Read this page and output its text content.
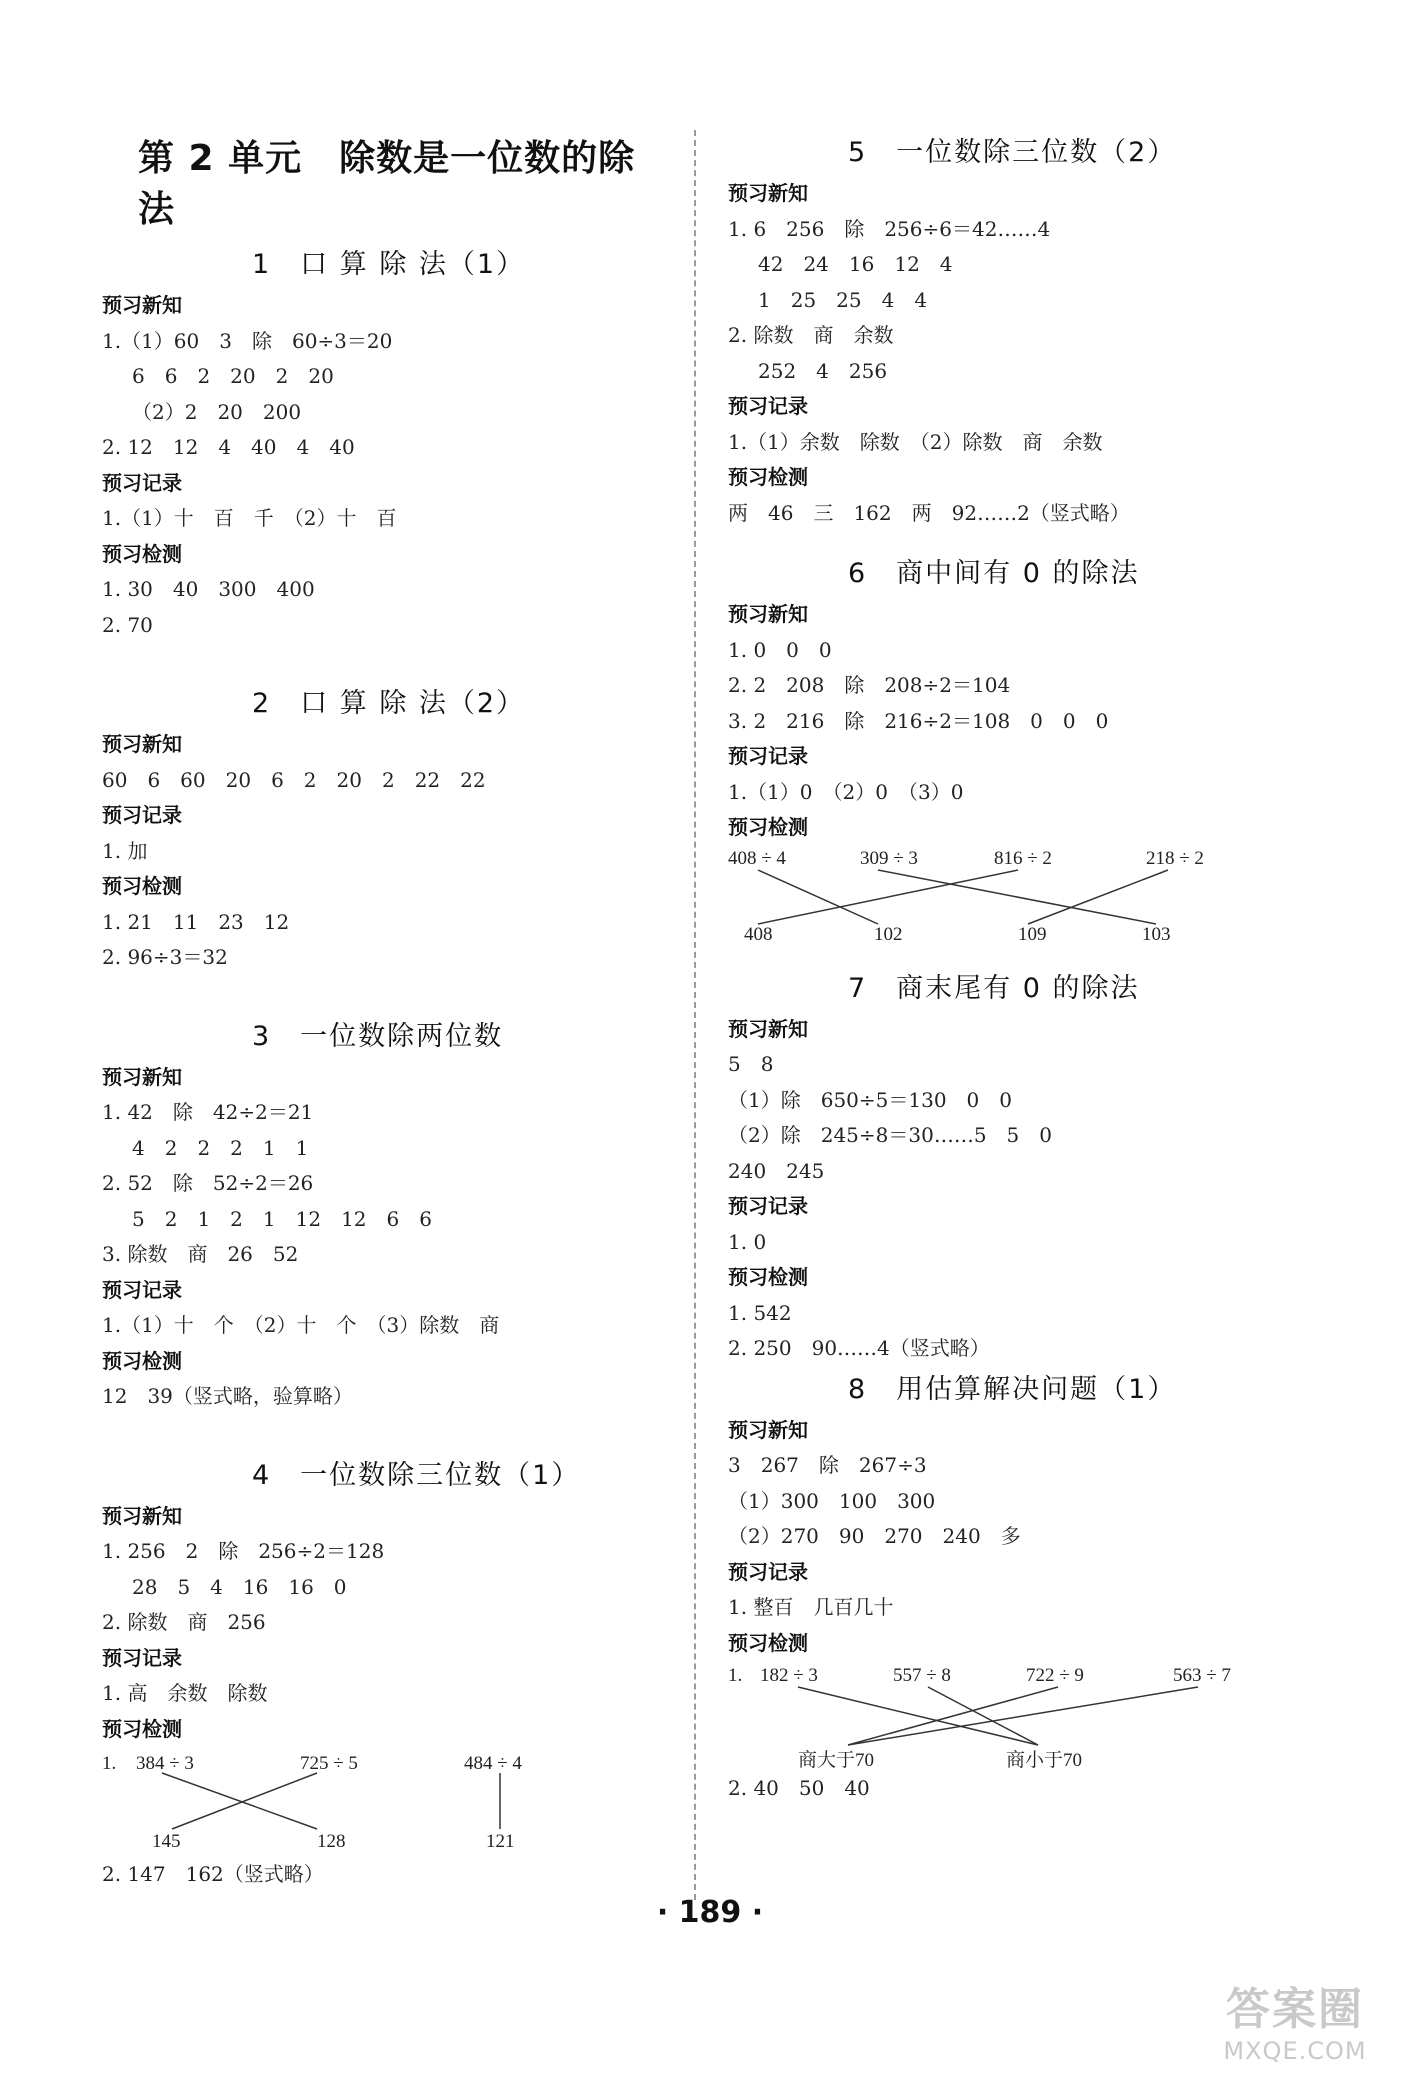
第 2 单元　除数是一位数的除法
1　口 算 除 法（1）
预习新知
1.（1）60　3　除　60÷3＝20
6　6　2　20　2　20
（2）2　20　200
2. 12　12　4　40　4　40
预习记录
1.（1）十　百　千　（2）十　百
预习检测
1. 30　40　300　400
2. 70
2　口 算 除 法（2）
预习新知
60　6　60　20　6　2　20　2　22　22
预习记录
1. 加
预习检测
1. 21　11　23　12
2. 96÷3＝32
3　一位数除两位数
预习新知
1. 42　除　42÷2＝21
4　2　2　2　1　1
2. 52　除　52÷2＝26
5　2　1　2　1　12　12　6　6
3. 除数　商　26　52
预习记录
1.（1）十　个　（2）十　个　（3）除数　商
预习检测
12　39（竖式略，验算略）
4　一位数除三位数（1）
预习新知
1. 256　2　除　256÷2＝128
28　5　4　16　16　0
2. 除数　商　256
预习记录
1. 高　余数　除数
预习检测
1. 384 ÷ 3	725 ÷ 5	484 ÷ 4
145	128	121
2. 147　162（竖式略）
5　一位数除三位数（2）
预习新知
1. 6　256　除　256÷6＝42……4
42　24　16　12　4
1　25　25　4　4
2. 除数　商　余数
252　4　256
预习记录
1.（1）余数　除数　（2）除数　商　余数
预习检测
两　46　三　162　两　92……2（竖式略）
6　商中间有 0 的除法
预习新知
1. 0　0　0
2. 2　208　除　208÷2＝104
3. 2　216　除　216÷2＝108　0　0　0
预习记录
1.（1）0　（2）0　（3）0
预习检测
408 ÷ 4	309 ÷ 3	816 ÷ 2	218 ÷ 2
408	102	109	103
7　商末尾有 0 的除法
预习新知
5　8
（1）除　650÷5＝130　0　0
（2）除　245÷8＝30……5　5　0
240　245
预习记录
1. 0
预习检测
1. 542
2. 250　90……4（竖式略）
8　用估算解决问题（1）
预习新知
3　267　除　267÷3
（1）300　100　300
（2）270　90　270　240　多
预习记录
1. 整百　几百几十
预习检测
1. 182 ÷ 3	557 ÷ 8	722 ÷ 9	563 ÷ 7
商大于70	商小于70
2. 40　50　40
· 189 ·
答案圈
MXQE.COM
